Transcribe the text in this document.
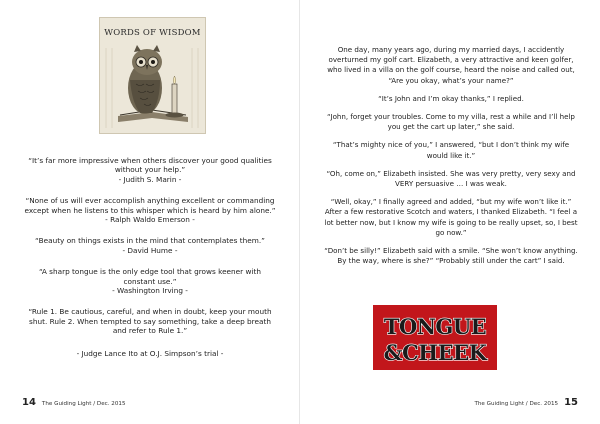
WORDS OF WISDOM
“It’s far more impressive when others discover your good qualities without your help.”
- Judith S. Marin -
“None of us will ever accomplish anything excellent or commanding except when he listens to this whisper which is heard by him alone.”
- Ralph Waldo Emerson -
“Beauty on things exists in the mind that contemplates them.”
- David Hume -
“A sharp tongue is the only edge tool that grows keener with constant use.”
- Washington Irving -
“Rule 1. Be cautious, careful, and when in doubt, keep your mouth shut. Rule 2. When tempted to say something, take a deep breath and refer to Rule 1.”
- Judge Lance Ito at O.J. Simpson’s trial -
14 The Guiding Light / Dec. 2015

One day, many years ago, during my married days, I accidently overturned my golf cart. Elizabeth, a very attractive and keen golfer, who lived in a villa on the golf course, heard the noise and called out, “Are you okay, what’s your name?”

“It’s John and I’m okay thanks,” I replied.

“John, forget your troubles. Come to my villa, rest a while and I’ll help you get the cart up later,” she said.

“That’s mighty nice of you,” I answered, “but I don’t think my wife would like it.”

“Oh, come on,” Elizabeth insisted. She was very pretty, very sexy and VERY persuasive … I was weak.

“Well, okay,” I finally agreed and added, “but my wife won’t like it.” After a few restorative Scotch and waters, I thanked Elizabeth. “I feel a lot better now, but I know my wife is going to be really upset, so, I best go now.”

“Don’t be silly!” Elizabeth said with a smile. “She won’t know anything. By the way, where is she?” “Probably still under the cart” I said.

TONGUE
&CHEEK
The Guiding Light / Dec. 2015 15
